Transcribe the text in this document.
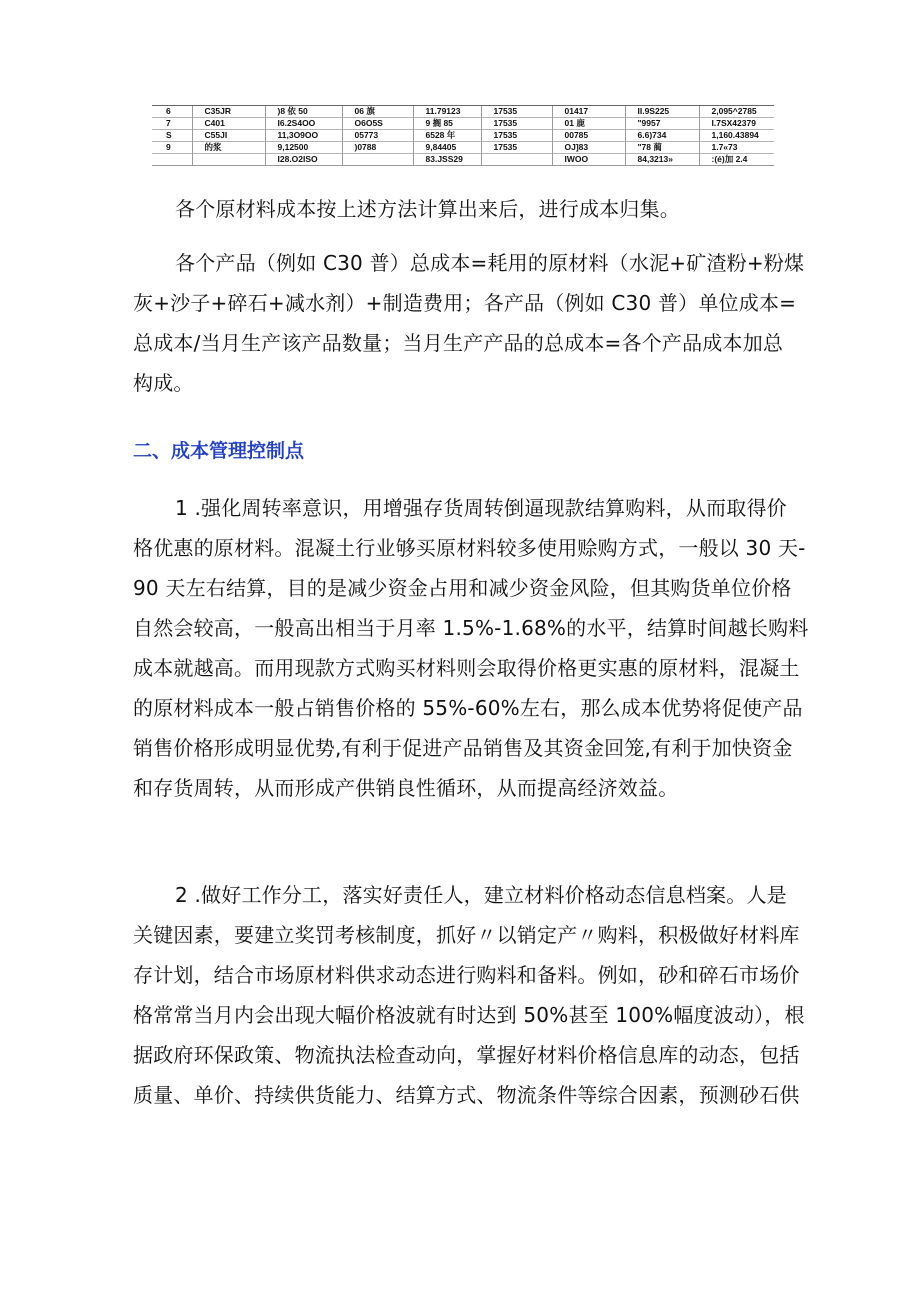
6	C35JR	)8 依 50	06 旗	11.79123	17535	01417	II.9S225	2,095^2785
7	C401	I6.2S4OO	O6O5S	9 搁 85	17535	01 鹿	"9957	I.7SX42379
S	C55JI	11,3O9OO	05773	6528 年	17535	00785	6.6)734	1,160.43894
9	的浆	9,12500	)0788	9,84405	17535	OJ]83	"78 蔺	1.7«73
		I28.O2ISO		83.JSS29		IWOO	84,3213»	:(é)加 2.4

各个原材料成本按上述方法计算出来后，进行成本归集。

各个产品（例如 C30 普）总成本=耗用的原材料（水泥+矿渣粉+粉煤
灰+沙子+碎石+减水剂）+制造费用；各产品（例如 C30 普）单位成本=
总成本/当月生产该产品数量；当月生产产品的总成本=各个产品成本加总
构成。

二、成本管理控制点

1 .强化周转率意识，用增强存货周转倒逼现款结算购料，从而取得价
格优惠的原材料。混凝土行业够买原材料较多使用赊购方式，一般以 30 天-
90 天左右结算，目的是减少资金占用和减少资金风险，但其购货单位价格
自然会较高，一般高出相当于月率 1.5%-1.68%的水平，结算时间越长购料
成本就越高。而用现款方式购买材料则会取得价格更实惠的原材料，混凝土
的原材料成本一般占销售价格的 55%-60%左右，那么成本优势将促使产品
销售价格形成明显优势,有利于促进产品销售及其资金回笼,有利于加快资金
和存货周转，从而形成产供销良性循环，从而提高经济效益。

2 .做好工作分工，落实好责任人，建立材料价格动态信息档案。人是
关键因素，要建立奖罚考核制度，抓好〃以销定产〃购料，积极做好材料库
存计划，结合市场原材料供求动态进行购料和备料。例如，砂和碎石市场价
格常常当月内会出现大幅价格波就有时达到 50%甚至 100%幅度波动），根
据政府环保政策、物流执法检查动向，掌握好材料价格信息库的动态，包括
质量、单价、持续供货能力、结算方式、物流条件等综合因素，预测砂石供
